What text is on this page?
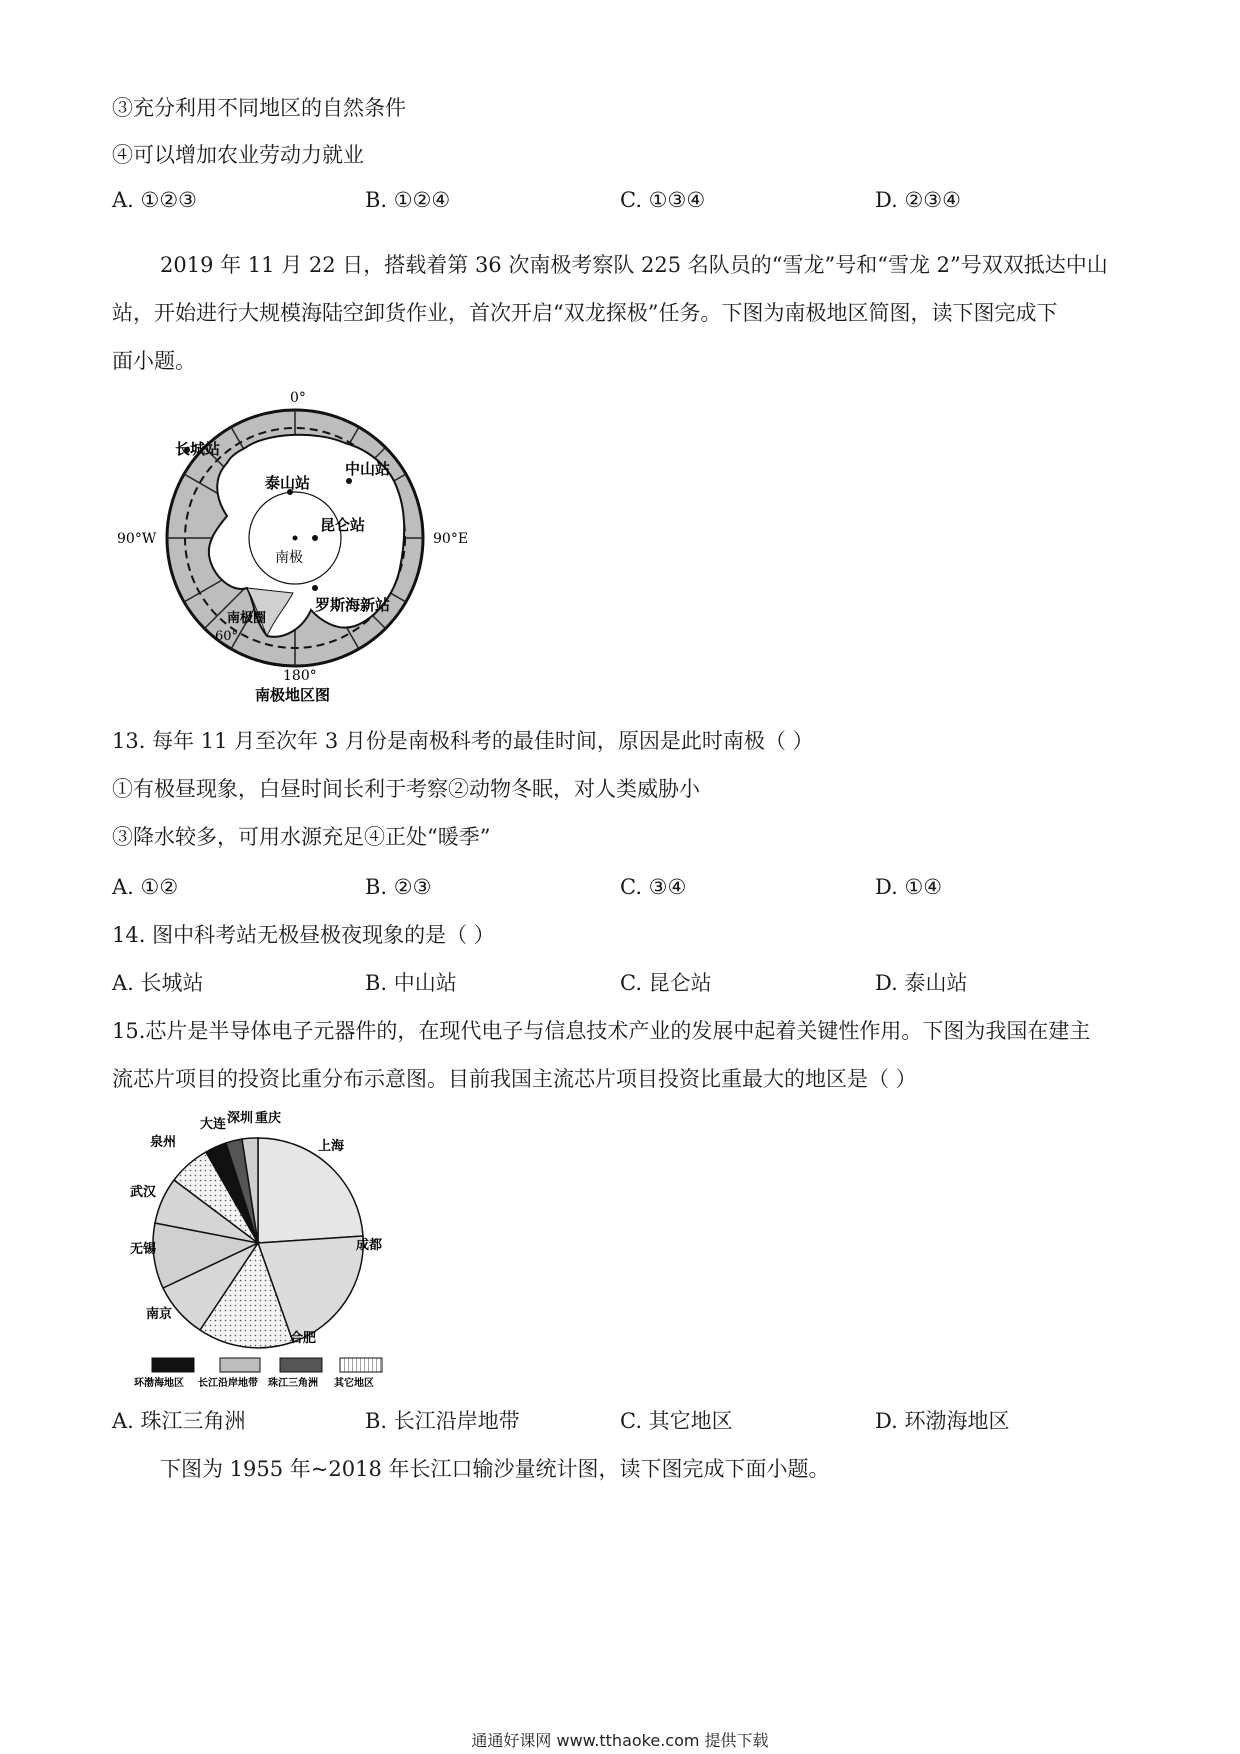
③充分利用不同地区的自然条件
④可以增加农业劳动力就业
A. ①②③	B. ①②④	C. ①③④	D. ②③④
2019 年 11 月 22 日，搭载着第 36 次南极考察队 225 名队员的“雪龙”号和“雪龙 2”号双双抵达中山
站，开始进行大规模海陆空卸货作业，首次开启“双龙探极”任务。下图为南极地区简图，读下图完成下
面小题。
0°
90°W	90°E
180°
60°
长城站
中山站
泰山站
昆仑站
南极
罗斯海新站
南极圈
南极地区图
13. 每年 11 月至次年 3 月份是南极科考的最佳时间，原因是此时南极（ ）
①有极昼现象，白昼时间长利于考察②动物冬眠，对人类威胁小
③降水较多，可用水源充足④正处“暖季”
A. ①②	B. ②③	C. ③④	D. ①④
14. 图中科考站无极昼极夜现象的是（ ）
A. 长城站	B. 中山站	C. 昆仑站	D. 泰山站
15.芯片是半导体电子元器件的，在现代电子与信息技术产业的发展中起着关键性作用。下图为我国在建主
流芯片项目的投资比重分布示意图。目前我国主流芯片项目投资比重最大的地区是（ ）
大连 深圳 重庆
上海
泉州
武汉
成都
无锡
南京
合肥
环渤海地区 长江沿岸地带 珠江三角洲 其它地区
A. 珠江三角洲	B. 长江沿岸地带	C. 其它地区	D. 环渤海地区
下图为 1955 年~2018 年长江口输沙量统计图，读下图完成下面小题。
通通好课网 www.tthaoke.com 提供下载
